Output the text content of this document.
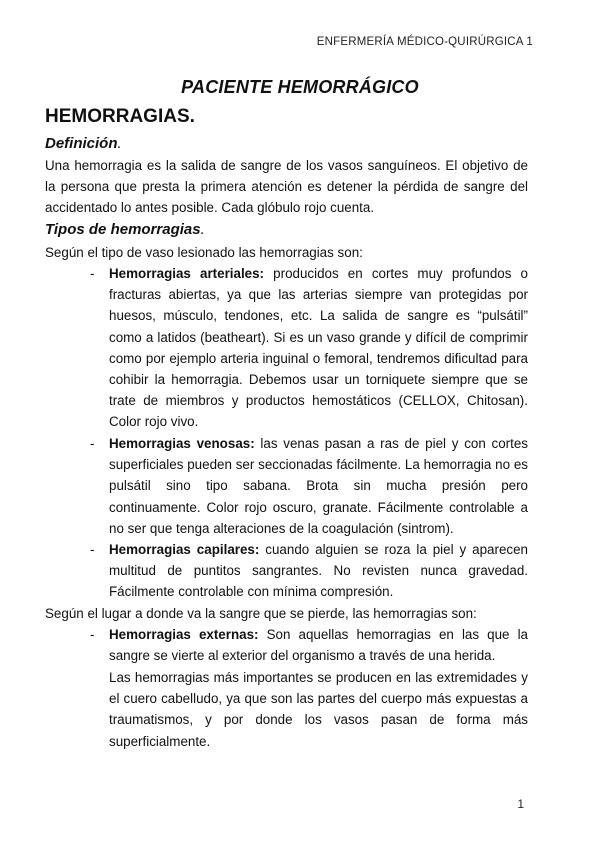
ENFERMERÍA MÉDICO-QUIRÚRGICA 1
PACIENTE HEMORRÁGICO
HEMORRAGIAS.
Definición.
Una hemorragia es la salida de sangre de los vasos sanguíneos. El objetivo de la persona que presta la primera atención es detener la pérdida de sangre del accidentado lo antes posible. Cada glóbulo rojo cuenta.
Tipos de hemorragias.
Según el tipo de vaso lesionado las hemorragias son:
- Hemorragias arteriales: producidos en cortes muy profundos o fracturas abiertas, ya que las arterias siempre van protegidas por huesos, músculo, tendones, etc. La salida de sangre es “pulsátil” como a latidos (beatheart). Si es un vaso grande y difícil de comprimir como por ejemplo arteria inguinal o femoral, tendremos dificultad para cohibir la hemorragia. Debemos usar un torniquete siempre que se trate de miembros y productos hemostáticos (CELLOX, Chitosan). Color rojo vivo.
- Hemorragias venosas: las venas pasan a ras de piel y con cortes superficiales pueden ser seccionadas fácilmente. La hemorragia no es pulsátil sino tipo sabana. Brota sin mucha presión pero continuamente. Color rojo oscuro, granate. Fácilmente controlable a no ser que tenga alteraciones de la coagulación (sintrom).
- Hemorragias capilares: cuando alguien se roza la piel y aparecen multitud de puntitos sangrantes. No revisten nunca gravedad. Fácilmente controlable con mínima compresión.
Según el lugar a donde va la sangre que se pierde, las hemorragias son:
- Hemorragias externas: Son aquellas hemorragias en las que la sangre se vierte al exterior del organismo a través de una herida.
Las hemorragias más importantes se producen en las extremidades y el cuero cabelludo, ya que son las partes del cuerpo más expuestas a traumatismos, y por donde los vasos pasan de forma más superficialmente.
1
